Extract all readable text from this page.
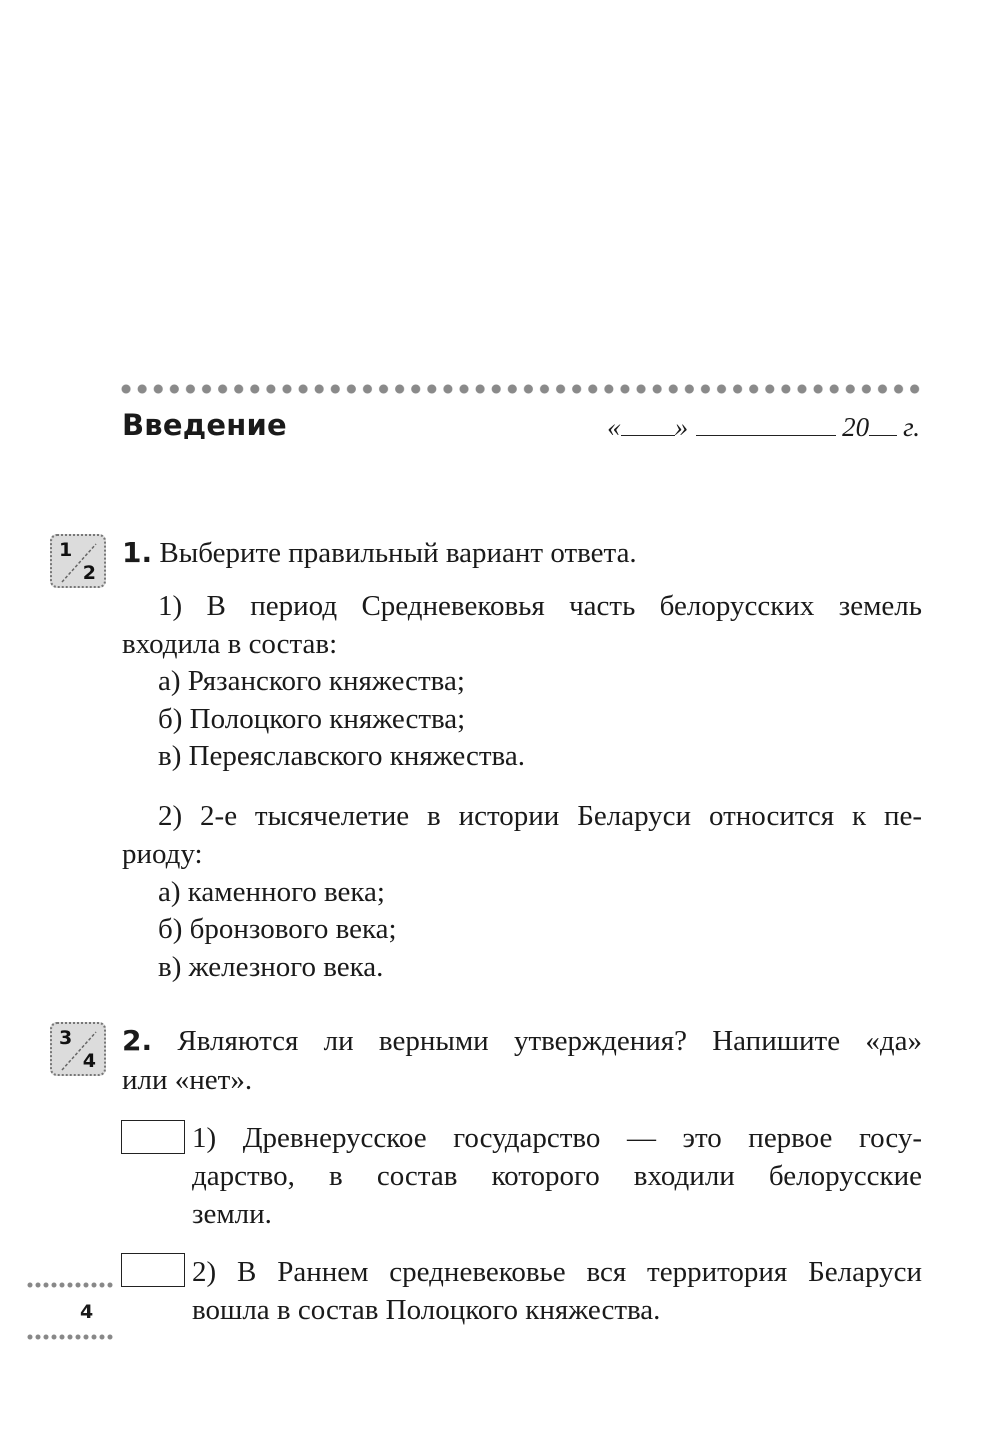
Введение	« »	20 г.
1
2
1. Выберите правильный вариант ответа.
1) В период Средневековья часть белорусских земель
входила в состав:
а) Рязанского княжества;
б) Полоцкого княжества;
в) Переяславского княжества.
2) 2-е тысячелетие в истории Беларуси относится к пе-
риоду:
а) каменного века;
б) бронзового века;
в) железного века.
3
4
2. Являются ли верными утверждения? Напишите «да»
или «нет».
1) Древнерусское государство — это первое госу-
дарство, в состав которого входили белорусские
земли.
2) В Раннем средневековье вся территория Беларуси
вошла в состав Полоцкого княжества.
4
